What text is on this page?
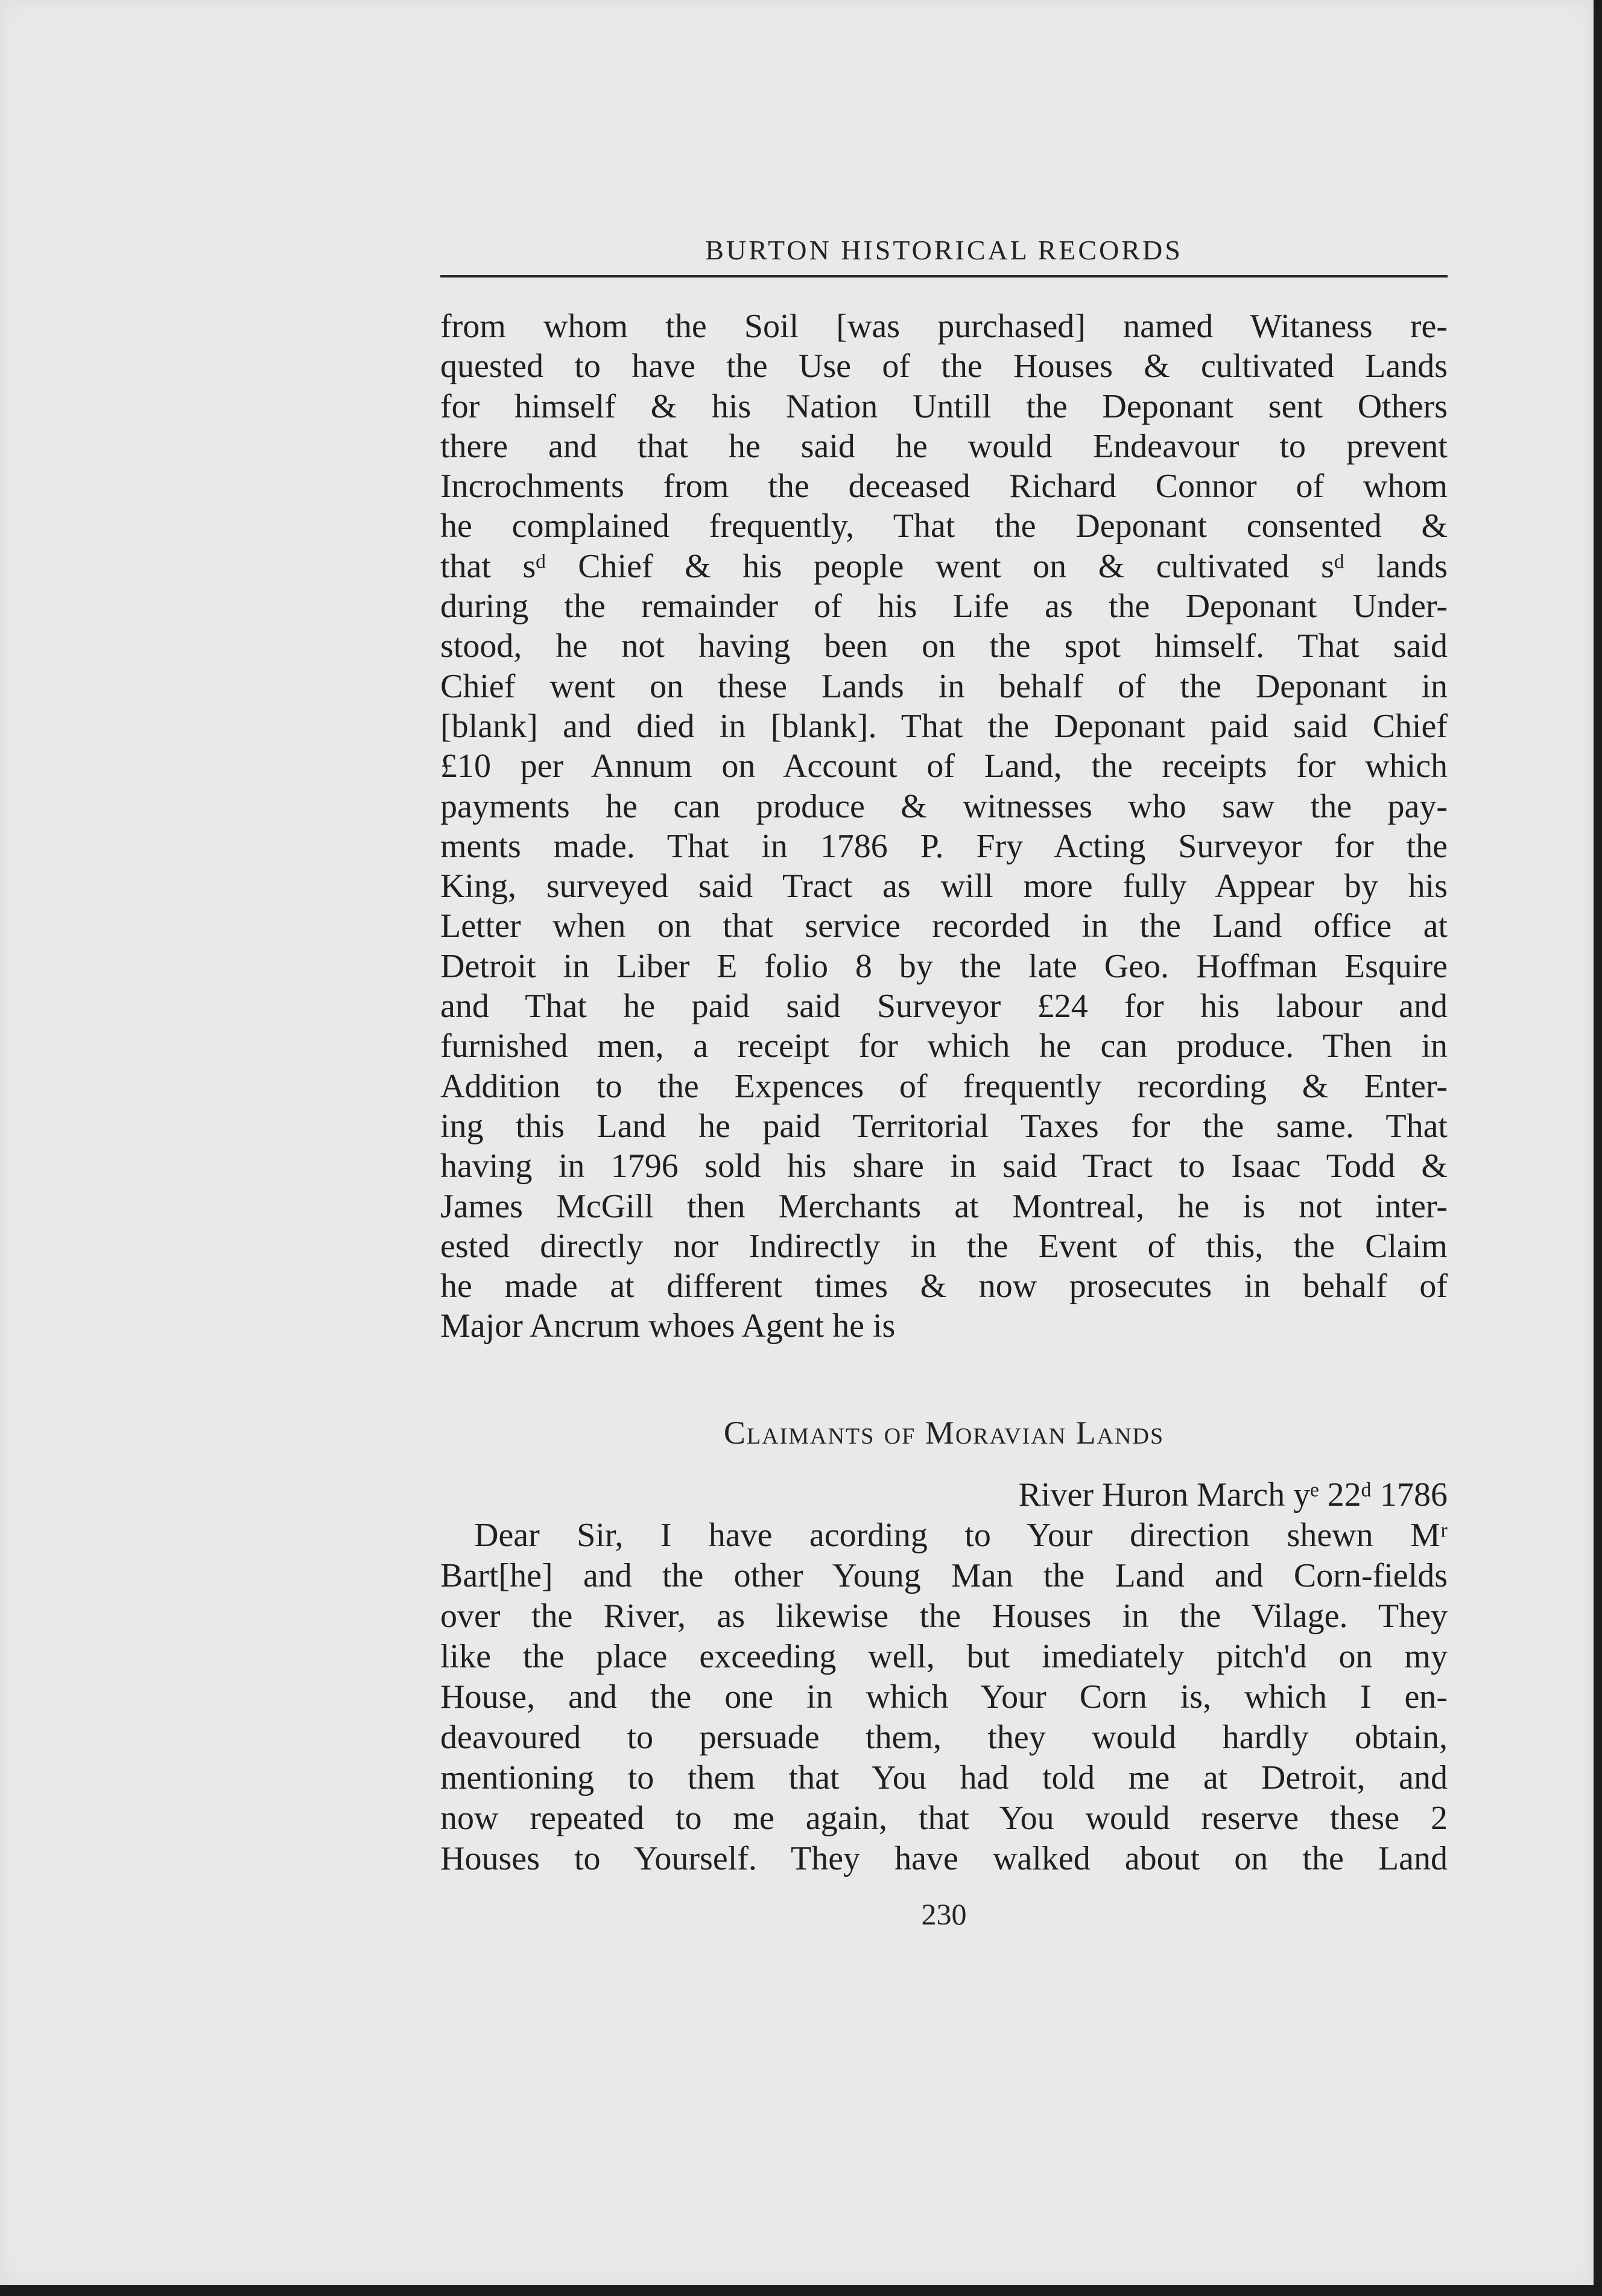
BURTON HISTORICAL RECORDS
from whom the Soil [was purchased] named Witaness re-
quested to have the Use of the Houses & cultivated Lands
for himself & his Nation Untill the Deponant sent Others
there and that he said he would Endeavour to prevent
Incrochments from the deceased Richard Connor of whom
he complained frequently, That the Deponant consented &
that sᵈ Chief & his people went on & cultivated sᵈ lands
during the remainder of his Life as the Deponant Under-
stood, he not having been on the spot himself. That said
Chief went on these Lands in behalf of the Deponant in
[blank] and died in [blank]. That the Deponant paid said Chief
£10 per Annum on Account of Land, the receipts for which
payments he can produce & witnesses who saw the pay-
ments made. That in 1786 P. Fry Acting Surveyor for the
King, surveyed said Tract as will more fully Appear by his
Letter when on that service recorded in the Land office at
Detroit in Liber E folio 8 by the late Geo. Hoffman Esquire
and That he paid said Surveyor £24 for his labour and
furnished men, a receipt for which he can produce. Then in
Addition to the Expences of frequently recording & Enter-
ing this Land he paid Territorial Taxes for the same. That
having in 1796 sold his share in said Tract to Isaac Todd &
James McGill then Merchants at Montreal, he is not inter-
ested directly nor Indirectly in the Event of this, the Claim
he made at different times & now prosecutes in behalf of
Major Ancrum whoes Agent he is
Claimants of Moravian Lands
River Huron March yᵉ 22ᵈ 1786
Dear Sir, I have acording to Your direction shewn Mʳ
Bart[he] and the other Young Man the Land and Corn-fields
over the River, as likewise the Houses in the Vilage. They
like the place exceeding well, but imediately pitch'd on my
House, and the one in which Your Corn is, which I en-
deavoured to persuade them, they would hardly obtain,
mentioning to them that You had told me at Detroit, and
now repeated to me again, that You would reserve these 2
Houses to Yourself. They have walked about on the Land
230
